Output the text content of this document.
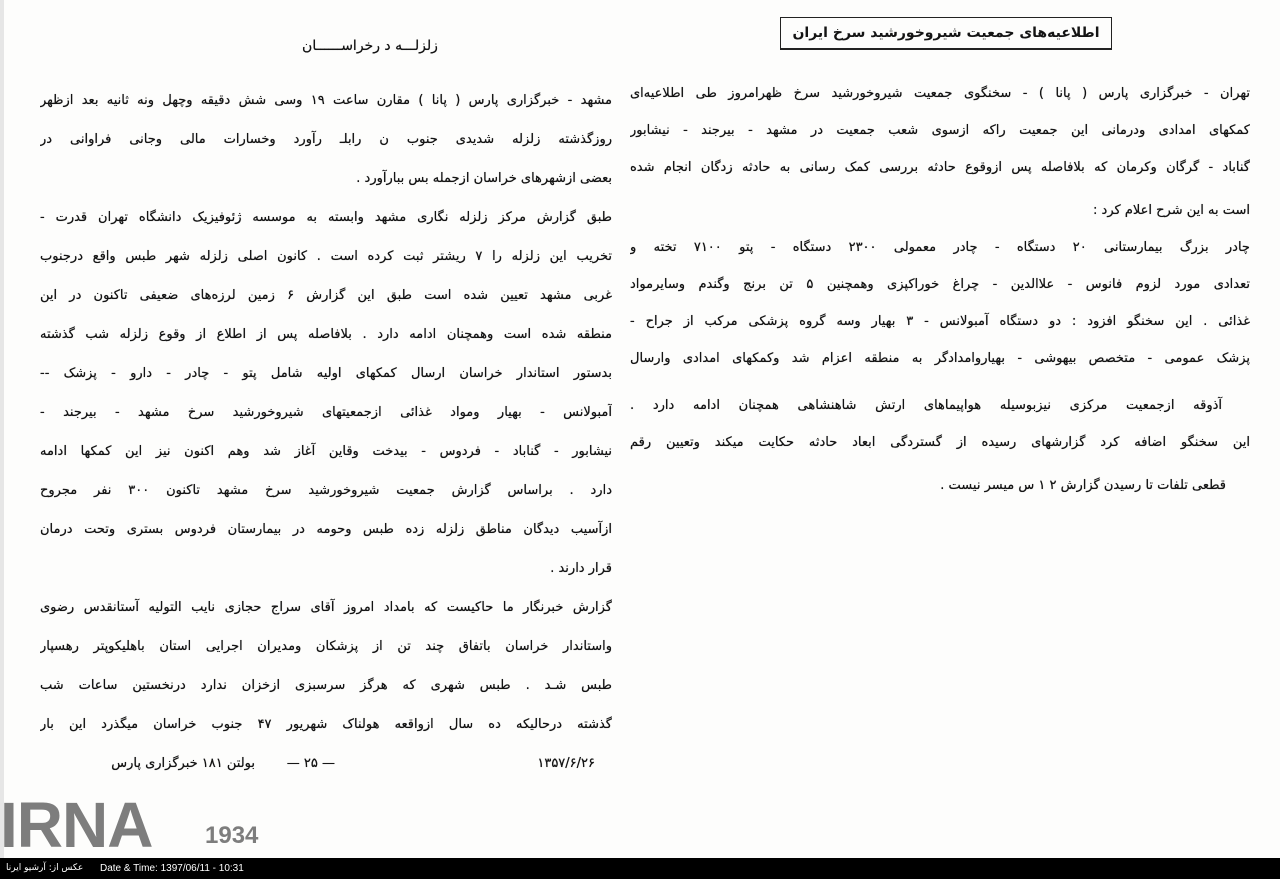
اطلاعیه‌های جمعیت شیروخورشید سرخ ایران
زلزلـــه د رخراســــــان
تهران - خبرگزاری پارس ( پانا ) - سخنگوی جمعیت شیروخورشید سرخ ظهرامروز طی اطلاعیه‌ای
کمکهای امدادی ودرمانی این جمعیت راکه ازسوی شعب جمعیت در مشهد - بیرجند - نیشابور
گناباد - گرگان وکرمان که بلافاصله پس ازوقوع حادثه بررسی کمک رسانی به حادثه زدگان انجام شده
است به این شرح اعلام کرد :
چادر بزرگ بیمارستانی ۲۰ دستگاه - چادر معمولی ۲۳۰۰ دستگاه - پتو ۷۱۰۰ تخته و
تعدادی مورد لزوم فانوس - علاالدین - چراغ خوراکپزی وهمچنین ۵ تن برنج وگندم وسایرمواد
غذائی . این سخنگو افزود : دو دستگاه آمبولانس - ۳ بهیار وسه گروه پزشکی مرکب از جراح -
پزشک عمومی - متخصص بیهوشی - بهیاروامدادگر به منطقه اعزام شد وکمکهای امدادی وارسال
آذوقه ازجمعیت مرکزی نیزبوسیله هواپیماهای ارتش شاهنشاهی همچنان ادامه دارد .
این سخنگو اضافه کرد گزارشهای رسیده از گستردگی ابعاد حادثه حکایت میکند وتعیین رقم
قطعی تلفات تا رسیدن گزارش ۲ ۱ س میسر نیست .
مشهد - خبرگزاری پارس ( پانا ) مقارن ساعت ۱۹ وسی شش دقیقه وچهل ونه ثانیه بعد ازظهر
روزگذشته زلزله شدیدی جنوب ن رابلـ رآورد وخسارات مالی وجانی فراوانی در
بعضی ازشهرهای خراسان ازجمله بس ببارآورد .
طبق گزارش مرکز زلزله نگاری مشهد وابسته به موسسه ژئوفیزیک دانشگاه تهران قدرت -
تخریب این زلزله را ۷ ریشتر ثبت کرده است . کانون اصلی زلزله شهر طبس واقع درجنوب
غربی مشهد تعیین شده است طبق این گزارش ۶ زمین لرزه‌های ضعیفی تاکنون در این
منطقه شده است وهمچنان ادامه دارد . بلافاصله پس از اطلاع از وقوع زلزله شب گذشته
بدستور استاندار خراسان ارسال کمکهای اولیه شامل پتو - چادر - دارو - پزشک --
آمبولانس - بهیار ومواد غذائی ازجمعیتهای شیروخورشید سرخ مشهد - بیرجند -
نیشابور - گناباد - فردوس - بیدخت وقاین آغاز شد وهم اکنون نیز این کمکها ادامه
دارد . براساس گزارش جمعیت شیروخورشید سرخ مشهد تاکنون ۳۰۰ نفر مجروح
ازآسیب دیدگان مناطق زلزله زده طبس وحومه در بیمارستان فردوس بستری وتحت درمان
قرار دارند .
گزارش خبرنگار ما حاکیست که بامداد امروز آقای سراج حجازی نایب التولیه آستانقدس رضوی
واستاندار خراسان باتفاق چند تن از پزشکان ومدیران اجرایی استان باهلیکوپتر رهسپار
طبس شـد . طبس شهری که هرگز سرسبزی ازخزان ندارد درنخستین ساعات شب
گذشته درحالیکه ده سال ازواقعه هولناک شهریور ۴۷ جنوب خراسان میگذرد این بار
۱۳۵۷/۶/۲۶
— ۲۵ —
بولتن ۱۸۱ خبرگزاری پارس
IRNA 1934
عکس از: آرشیو ایرنا Date & Time: 1397/06/11 - 10:31
